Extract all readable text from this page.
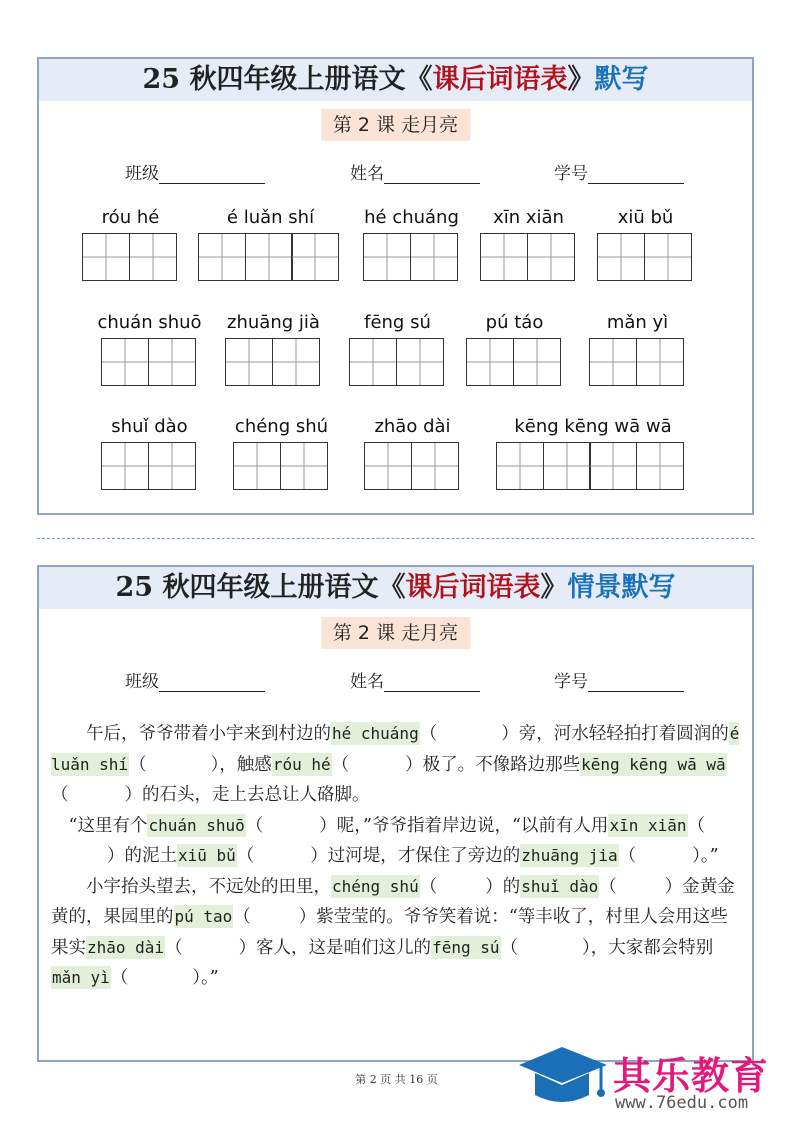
25 秋四年级上册语文《课后词语表》默写
第 2 课 走月亮
班级	姓名	学号
róu hé	é luǎn shí	hé chuáng	xīn xiān	xiū bǔ
chuán shuō	zhuāng jià	fēng sú	pú táo	mǎn yì
shuǐ dào	chéng shú	zhāo dài	kēng kēng wā wā
25 秋四年级上册语文《课后词语表》情景默写
第 2 课 走月亮
班级	姓名	学号

午后，爷爷带着小宇来到村边的hé chuáng（	）旁，河水轻轻拍打着圆润的é luǎn shí（	），触感róu hé（	）极了。不像路边那些kēng kēng wā wā（	）的石头，走上去总让人硌脚。

“这里有个chuán shuō（	）呢，”爷爷指着岸边说，“以前有人用xīn xiān（）的泥土xiū bǔ（	）过河堤，才保住了旁边的zhuāng jia（	）。”

小宇抬头望去，不远处的田里，chéng shú（	）的shuǐ dào（	）金黄金黄的，果园里的pú tao（	）紫莹莹的。爷爷笑着说：“等丰收了，村里人会用这些果实zhāo dài（	）客人，这是咱们这儿的fēng sú（	），大家都会特别mǎn yì（	）。”

第 2 页 共 16 页	其乐教育
www.76edu.com
